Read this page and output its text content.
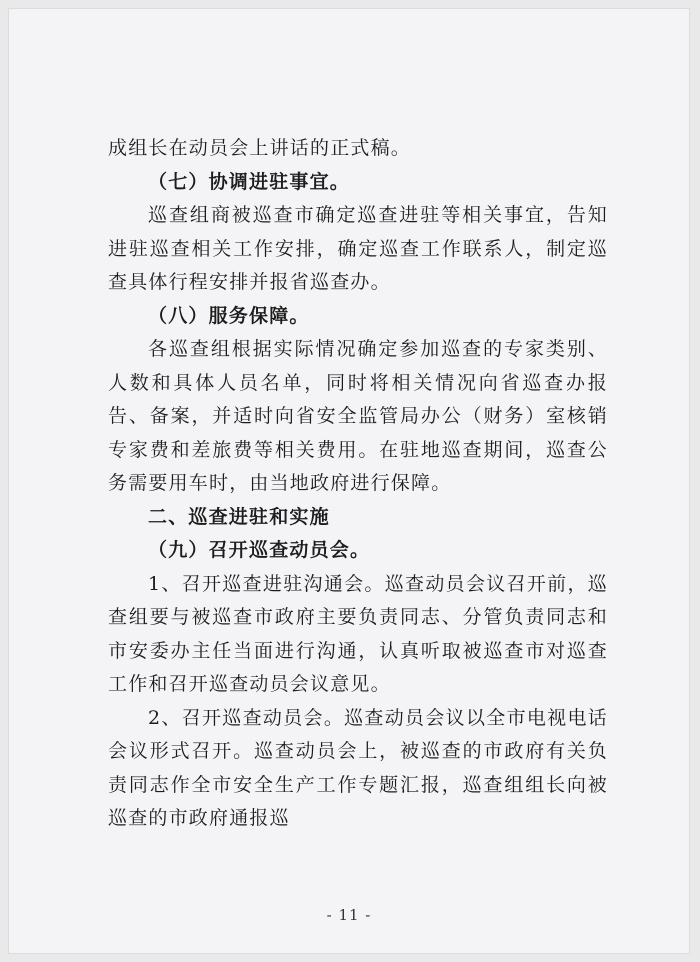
成组长在动员会上讲话的正式稿。

（七）协调进驻事宜。

巡查组商被巡查市确定巡查进驻等相关事宜，告知进驻巡查相关工作安排，确定巡查工作联系人，制定巡查具体行程安排并报省巡查办。

（八）服务保障。

各巡查组根据实际情况确定参加巡查的专家类别、人数和具体人员名单，同时将相关情况向省巡查办报告、备案，并适时向省安全监管局办公（财务）室核销专家费和差旅费等相关费用。在驻地巡查期间，巡查公务需要用车时，由当地政府进行保障。

二、巡查进驻和实施

（九）召开巡查动员会。

1、召开巡查进驻沟通会。巡查动员会议召开前，巡查组要与被巡查市政府主要负责同志、分管负责同志和市安委办主任当面进行沟通，认真听取被巡查市对巡查工作和召开巡查动员会议意见。

2、召开巡查动员会。巡查动员会议以全市电视电话会议形式召开。巡查动员会上，被巡查的市政府有关负责同志作全市安全生产工作专题汇报，巡查组组长向被巡查的市政府通报巡

- 11 -
